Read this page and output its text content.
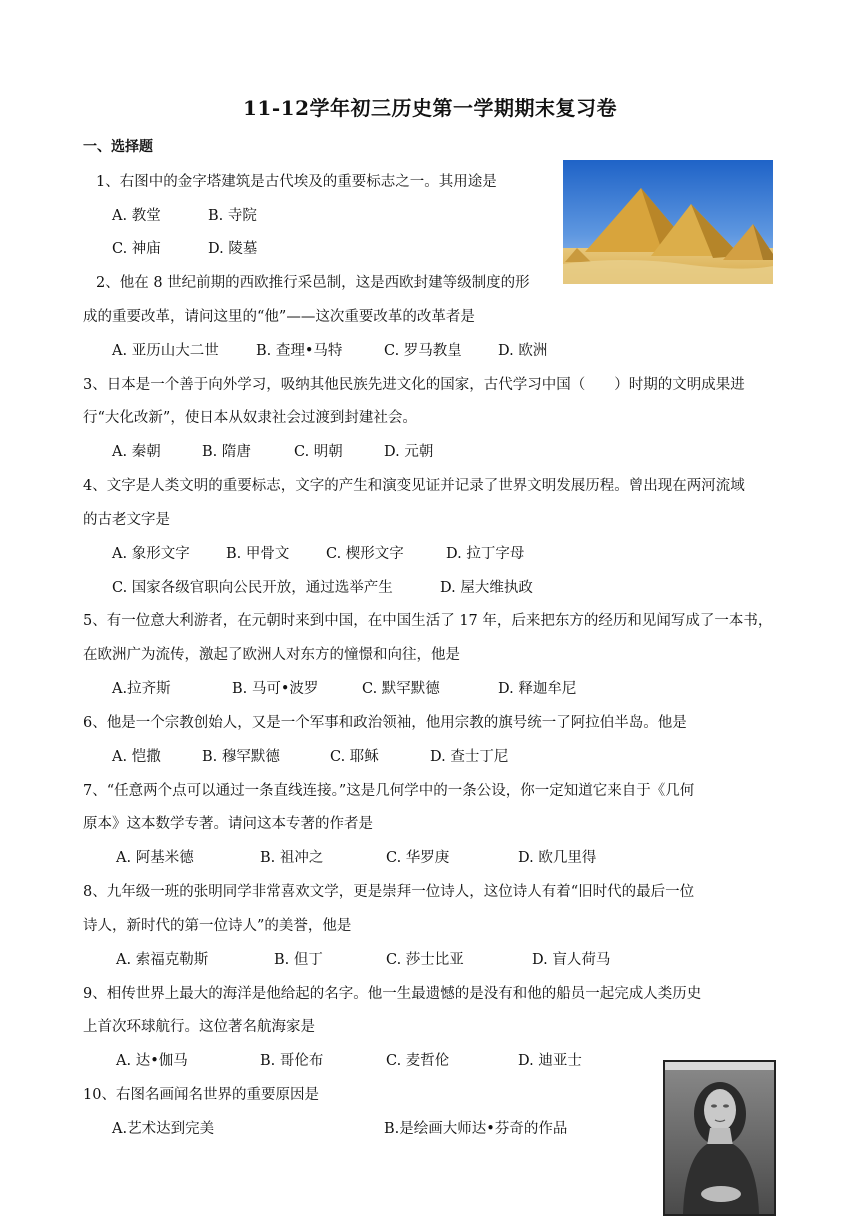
11-12学年初三历史第一学期期末复习卷
一、选择题
1、右图中的金字塔建筑是古代埃及的重要标志之一。其用途是
A. 教堂	B. 寺院
C. 神庙	D. 陵墓
2、他在 8 世纪前期的西欧推行采邑制，这是西欧封建等级制度的形
成的重要改革，请问这里的“他”——这次重要改革的改革者是
A. 亚历山大二世	B. 查理•马特	C. 罗马教皇 D. 欧洲
3、日本是一个善于向外学习，吸纳其他民族先进文化的国家，古代学习中国（　　）时期的文明成果进
行“大化改新”，使日本从奴隶社会过渡到封建社会。
A. 秦朝	B. 隋唐	C. 明朝	D. 元朝
4、文字是人类文明的重要标志，文字的产生和演变见证并记录了世界文明发展历程。曾出现在两河流域
的古老文字是
A. 象形文字	B. 甲骨文	C. 楔形文字	D. 拉丁字母
C. 国家各级官职向公民开放，通过选举产生	D. 屋大维执政
5、有一位意大利游者，在元朝时来到中国，在中国生活了 17 年，后来把东方的经历和见闻写成了一本书，
在欧洲广为流传，激起了欧洲人对东方的憧憬和向往，他是
A.拉齐斯	B. 马可•波罗	C. 默罕默德	D. 释迦牟尼
6、他是一个宗教创始人，又是一个军事和政治领袖，他用宗教的旗号统一了阿拉伯半岛。他是
A. 恺撒	B. 穆罕默德	C. 耶稣	D. 查士丁尼
7、“任意两个点可以通过一条直线连接。”这是几何学中的一条公设，你一定知道它来自于《几何
原本》这本数学专著。请问这本专著的作者是
A. 阿基米德	B. 祖冲之	C. 华罗庚	D. 欧几里得
8、九年级一班的张明同学非常喜欢文学，更是崇拜一位诗人，这位诗人有着“旧时代的最后一位
诗人，新时代的第一位诗人”的美誉，他是
A. 索福克勒斯	B. 但丁	C. 莎士比亚	D. 盲人荷马
9、相传世界上最大的海洋是他给起的名字。他一生最遗憾的是没有和他的船员一起完成人类历史
上首次环球航行。这位著名航海家是
A. 达•伽马	B. 哥伦布	C. 麦哲伦	D. 迪亚士
10、右图名画闻名世界的重要原因是
A.艺术达到完美	B.是绘画大师达•芬奇的作品
